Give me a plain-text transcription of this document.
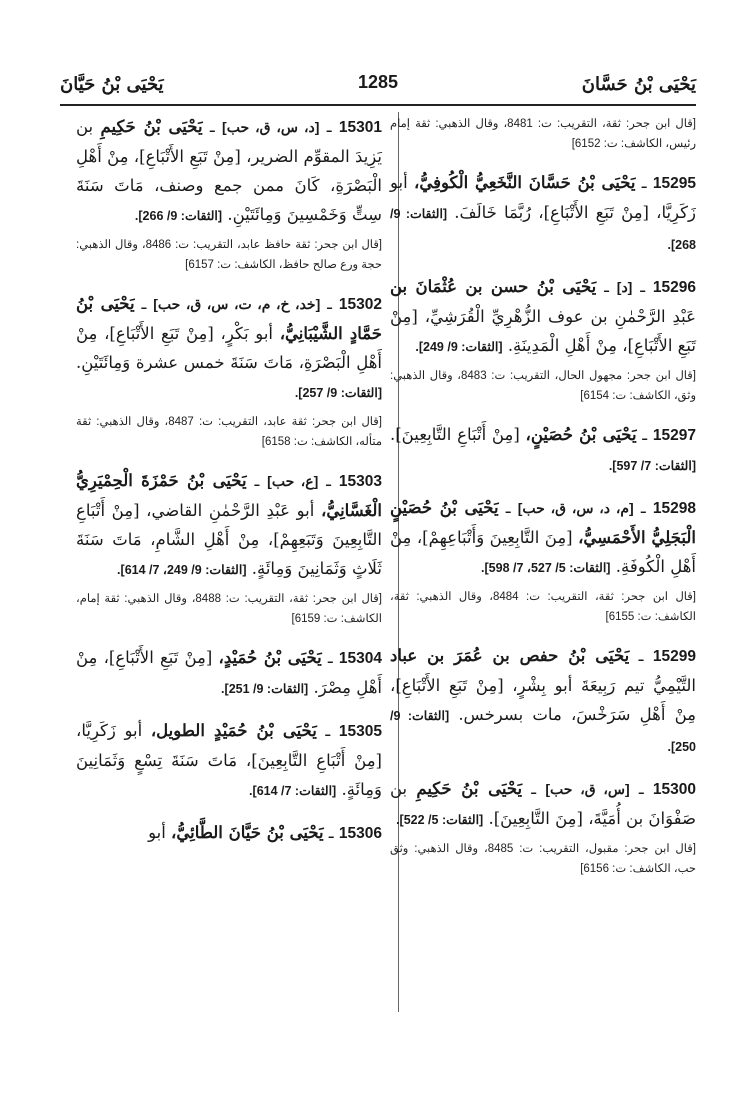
يَحْيَى بْنُ حَسَّانَ
1285
يَحْيَى بْنُ حَيَّانَ

[قال ابن جحر: ثقة، التقريب: ت: 8481، وقال الذهبي: ثقة إمام رئيس، الكاشف: ت: 6152]

15295 ـ يَحْيَى بْنُ حَسَّانَ النَّخَعِيُّ الْكُوفِيُّ، أبو زَكَرِيَّا، [مِنْ تَبَعِ الأَتْبَاعِ]، رُبَّمَا خَالَفَ. [الثقات: 9/ 268].

15296 ـ [د] ـ يَحْيَى بْنُ حسن بن عُثْمَانَ بن عَبْدِ الرَّحْمٰنِ بن عوف الزُّهْرِيِّ الْقُرَشِيِّ، [مِنْ تَبَعِ الأَتْبَاعِ]، مِنْ أَهْلِ الْمَدِينَةِ. [الثقات: 9/ 249].

[قال ابن جحر: مجهول الحال، التقريب: ت: 8483، وقال الذهبي: وثق، الكاشف: ت: 6154]

15297 ـ يَحْيَى بْنُ حُصَيْنٍ، [مِنْ أَتْبَاعِ التَّابِعِينَ]. [الثقات: 7/ 597].

15298 ـ [م، د، س، ق، حب] ـ يَحْيَى بْنُ حُصَيْنٍ الْبَجَلِيُّ الأَحْمَسِيُّ، [مِنَ التَّابِعِينَ وَأَتْبَاعِهِمْ]، مِنْ أَهْلِ الْكُوفَةِ. [الثقات: 5/ 527، 7/ 598].

[قال ابن جحر: ثقة، التقريب: ت: 8484، وقال الذهبي: ثقة، الكاشف: ت: 6155]

15299 ـ يَحْيَى بْنُ حفص بن عُمَرَ بن عباد التَّيْمِيُّ تيم رَبِيعَةَ أبو بِشْرٍ، [مِنْ تَبَعِ الأَتْبَاعِ]، مِنْ أَهْلِ سَرَخْسَ، مات بسرخس. [الثقات: 9/ 250].

15300 ـ [س، ق، حب] ـ يَحْيَى بْنُ حَكِيمِ بن صَفْوَانَ بن أُمَيَّةَ، [مِنَ التَّابِعِينَ]. [الثقات: 5/ 522].

[قال ابن جحر: مقبول، التقريب: ت: 8485، وقال الذهبي: وثق حب، الكاشف: ت: 6156]

15301 ـ [د، س، ق، حب] ـ يَحْيَى بْنُ حَكِيمِ بن يَزِيدَ المقوِّم الضرير، [مِنْ تَبَعِ الأَتْبَاعِ]، مِنْ أَهْلِ الْبَصْرَةِ، كَانَ ممن جمع وصنف، مَاتَ سَنَةَ سِتٍّ وَخَمْسِينَ وَمِائَتَيْنِ. [الثقات: 9/ 266].

[قال ابن جحر: ثقة حافظ عابد، التقريب: ت: 8486، وقال الذهبي: حجة ورع صالح حافظ، الكاشف: ت: 6157]

15302 ـ [خد، خ، م، ت، س، ق، حب] ـ يَحْيَى بْنُ حَمَّادٍ الشَّيْبَانِيُّ، أبو بَكْرٍ، [مِنْ تَبَعِ الأَتْبَاعِ]، مِنْ أَهْلِ الْبَصْرَةِ، مَاتَ سَنَةَ خمس عشرة وَمِائَتَيْنِ. [الثقات: 9/ 257].

[قال ابن جحر: ثقة عابد، التقريب: ت: 8487، وقال الذهبي: ثقة متأله، الكاشف: ت: 6158]

15303 ـ [ع، حب] ـ يَحْيَى بْنُ حَمْزَةَ الْحِمْيَرِيُّ الْغَسَّانِيُّ، أبو عَبْدِ الرَّحْمٰنِ القاضي، [مِنْ أَتْبَاعِ التَّابِعِينَ وَتَبَعِهِمْ]، مِنْ أَهْلِ الشَّامِ، مَاتَ سَنَةَ ثَلَاثٍ وَثَمَانِينَ وَمِائَةٍ. [الثقات: 9/ 249، 7/ 614].

[قال ابن جحر: ثقة، التقريب: ت: 8488، وقال الذهبي: ثقة إمام، الكاشف: ت: 6159]

15304 ـ يَحْيَى بْنُ حُمَيْدٍ، [مِنْ تَبَعِ الأَتْبَاعِ]، مِنْ أَهْلِ مِصْرَ. [الثقات: 9/ 251].

15305 ـ يَحْيَى بْنُ حُمَيْدٍ الطويل، أبو زَكَرِيَّا، [مِنْ أَتْبَاعِ التَّابِعِينَ]، مَاتَ سَنَةَ تِسْعٍ وَثَمَانِينَ وَمِائَةٍ. [الثقات: 7/ 614].

15306 ـ يَحْيَى بْنُ حَيَّانَ الطَّائِيُّ، أبو
